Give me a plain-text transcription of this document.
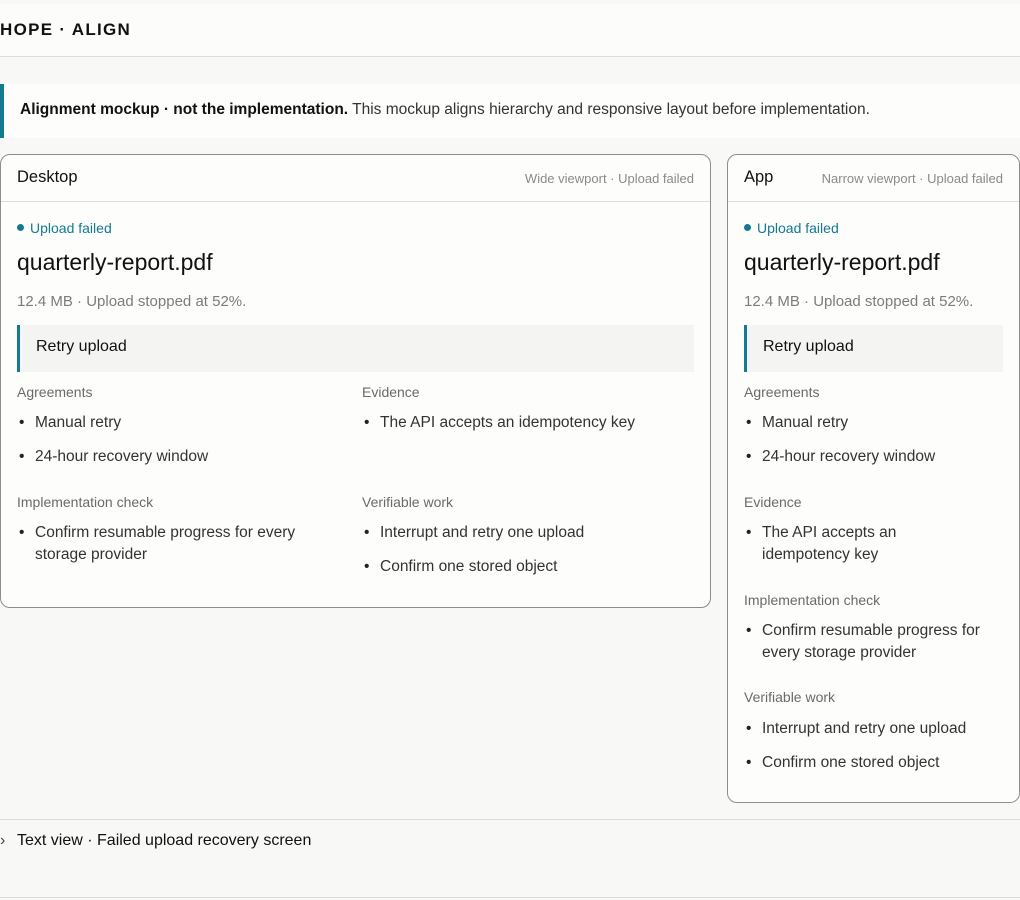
HOPE · ALIGN
Alignment mockup · not the implementation. This mockup aligns hierarchy and responsive layout before implementation.
Desktop	Wide viewport · Upload failed
Upload failed
quarterly-report.pdf
12.4 MB · Upload stopped at 52%.
Retry upload
Agreements
• Manual retry
• 24-hour recovery window
Evidence
• The API accepts an idempotency key
Implementation check
• Confirm resumable progress for every storage provider
Verifiable work
• Interrupt and retry one upload
• Confirm one stored object
App	Narrow viewport · Upload failed
Upload failed
quarterly-report.pdf
12.4 MB · Upload stopped at 52%.
Retry upload
Agreements
• Manual retry
• 24-hour recovery window
Evidence
• The API accepts an idempotency key
Implementation check
• Confirm resumable progress for every storage provider
Verifiable work
• Interrupt and retry one upload
• Confirm one stored object
› Text view · Failed upload recovery screen
